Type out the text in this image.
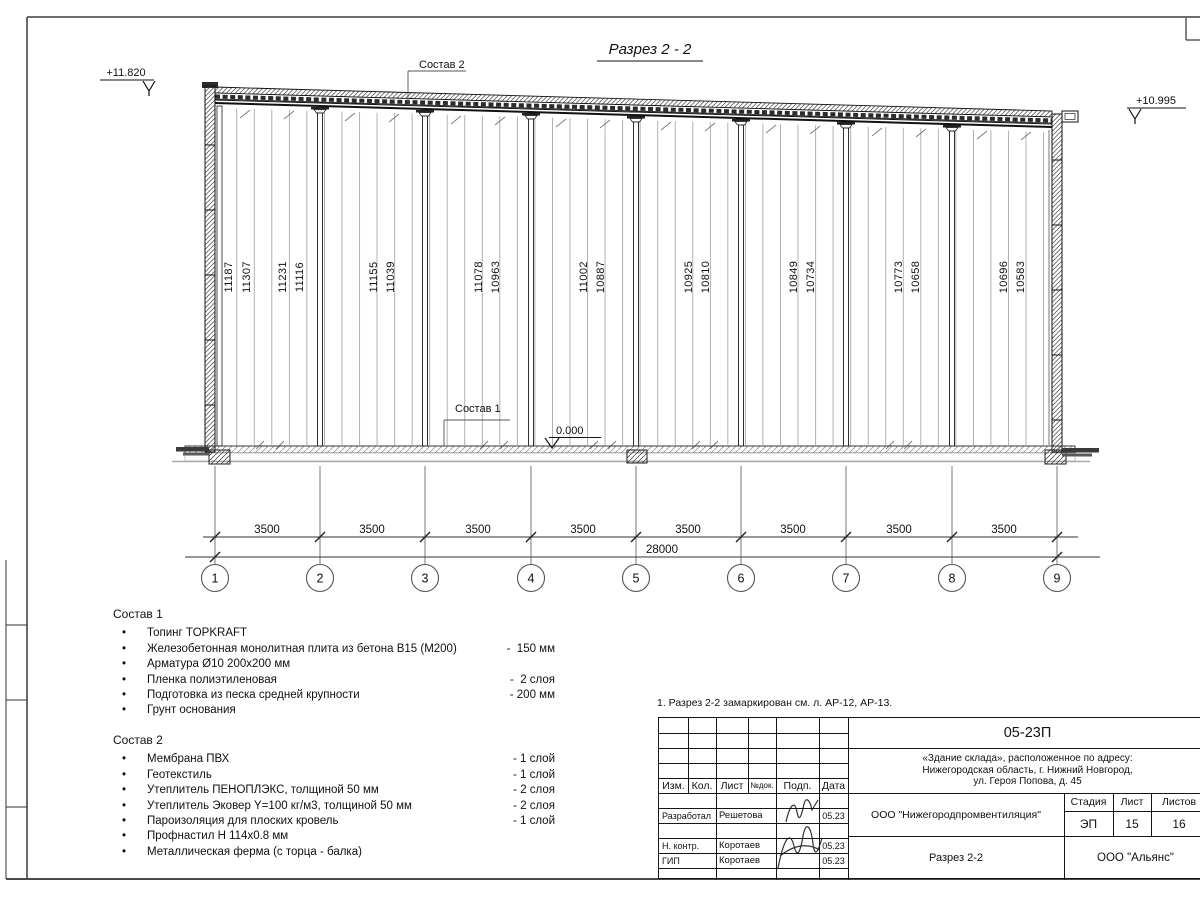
Разрез 2 - 2
11187 11307 11231 11116	11155 11039	11078 10963	11002 10887	10925 10810	10849 10734	10773 10658	10696 10583
+11.820
+10.995
0.000
Состав 2
Состав 1
3500	3500	3500	3500	3500	3500	3500	3500
28000
1	2	3	4	5	6	7	8	9
Состав 1
•	Топинг TOPKRAFT
•	Железобетонная монолитная плита из бетона В15 (М200)	-  150 мм
•	Арматура Ø10 200х200 мм
•	Пленка полиэтиленовая	-  2 слоя
•	Подготовка из песка средней крупности	- 200 мм
•	Грунт основания
Состав 2
•	Мембрана ПВХ	- 1 слой
•	Геотекстиль	- 1 слой
•	Утеплитель ПЕНОПЛЭКС, толщиной 50 мм	- 2 слоя
•	Утеплитель Эковер Y=100 кг/м3, толщиной 50 мм	- 2 слоя
•	Пароизоляция для плоских кровель	- 1 слой
•	Профнастил Н 114х0.8 мм
•	Металлическая ферма (с торца - балка)
1. Разрез 2-2 замаркирован см. л. АР-12, АР-13.
Изм. Кол. Лист №док. Подп. Дата
Разработал Решетова	05.23
Н. контр.	Коротаев	05.23
ГИП	Коротаев	05.23
05-23П
«Здание склада», расположенное по адресу:
Нижегородская область, г. Нижний Новгород,
ул. Героя Попова, д. 45
ООО "Нижегородпромвентиляция"
Стадия	Лист	Листов
ЭП	15	16
Разрез 2-2	ООО "Альянс"
